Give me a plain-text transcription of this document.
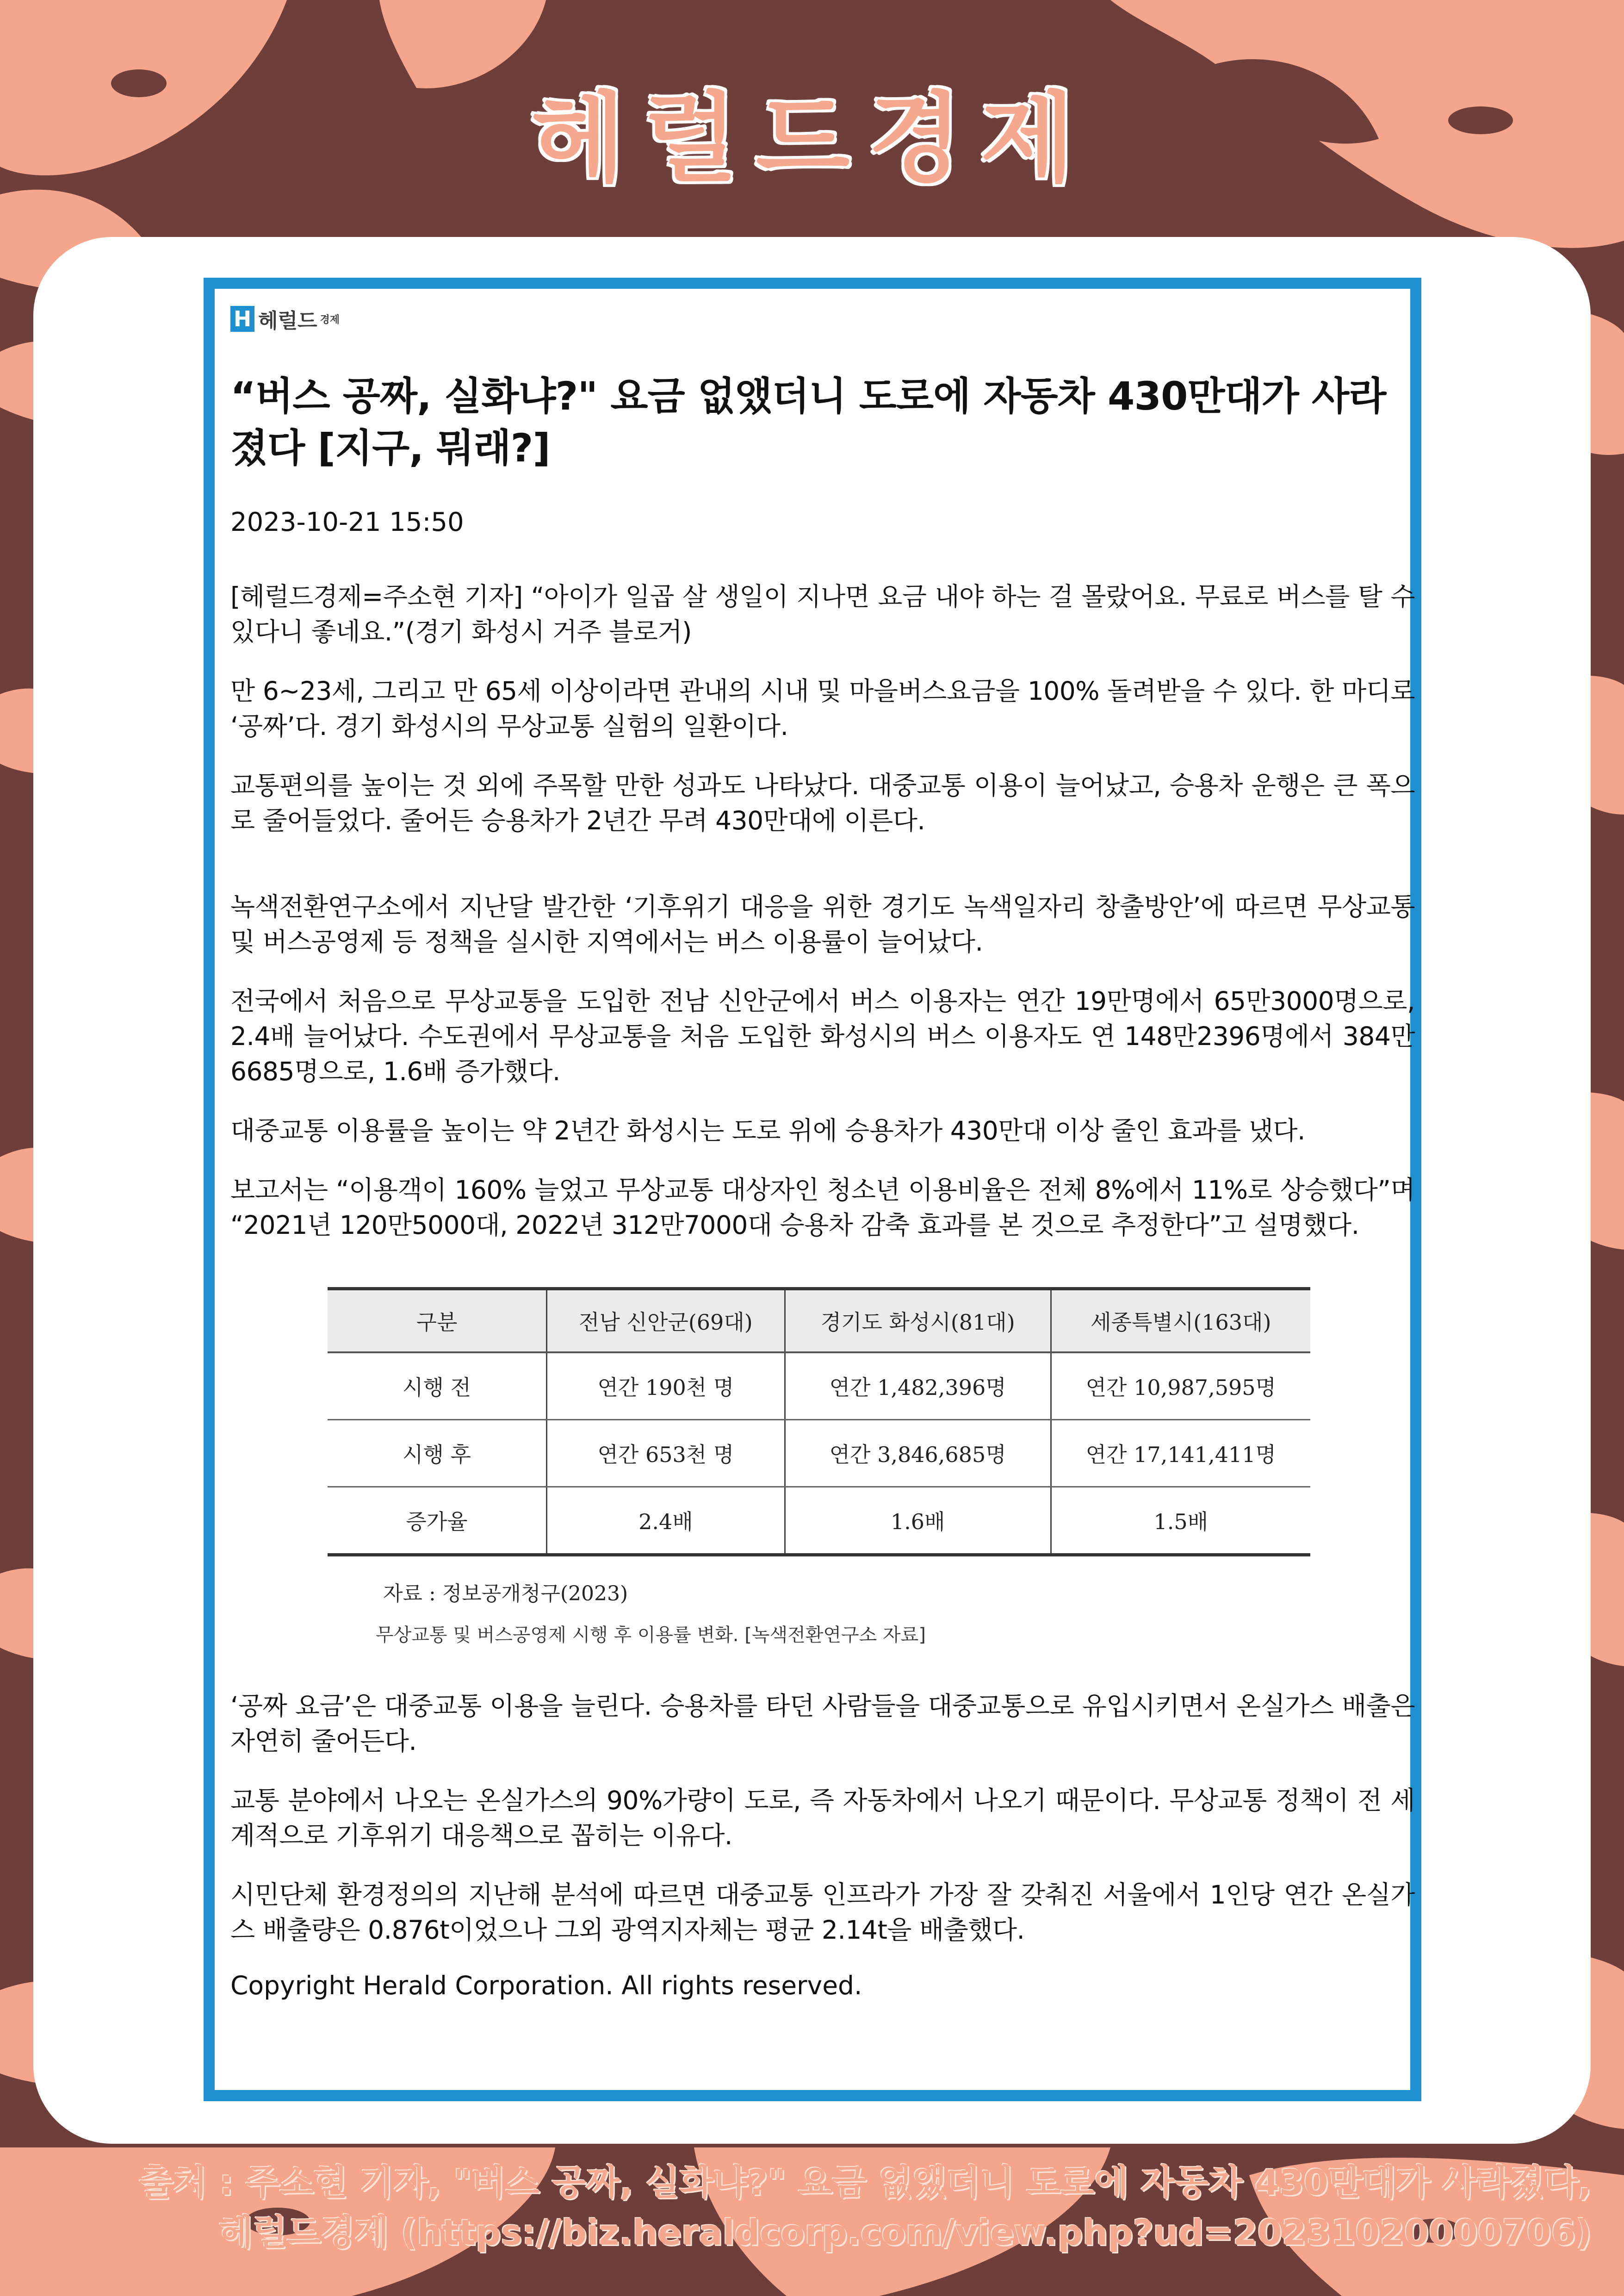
헤럴드경제
H 헤럴드 경제
“버스 공짜, 실화냐?" 요금 없앴더니 도로에 자동차 430만대가 사라졌다 [지구, 뭐래?]
2023-10-21 15:50
[헤럴드경제=주소현 기자] “아이가 일곱 살 생일이 지나면 요금 내야 하는 걸 몰랐어요. 무료로 버스를 탈 수 있다니 좋네요.”(경기 화성시 거주 블로거)
만 6~23세, 그리고 만 65세 이상이라면 관내의 시내 및 마을버스요금을 100% 돌려받을 수 있다. 한 마디로 ‘공짜’다. 경기 화성시의 무상교통 실험의 일환이다.
교통편의를 높이는 것 외에 주목할 만한 성과도 나타났다. 대중교통 이용이 늘어났고, 승용차 운행은 큰 폭으로 줄어들었다. 줄어든 승용차가 2년간 무려 430만대에 이른다.
녹색전환연구소에서 지난달 발간한 ‘기후위기 대응을 위한 경기도 녹색일자리 창출방안’에 따르면 무상교통 및 버스공영제 등 정책을 실시한 지역에서는 버스 이용률이 늘어났다.
전국에서 처음으로 무상교통을 도입한 전남 신안군에서 버스 이용자는 연간 19만명에서 65만3000명으로, 2.4배 늘어났다. 수도권에서 무상교통을 처음 도입한 화성시의 버스 이용자도 연 148만2396명에서 384만6685명으로, 1.6배 증가했다.
대중교통 이용률을 높이는 약 2년간 화성시는 도로 위에 승용차가 430만대 이상 줄인 효과를 냈다.
보고서는 “이용객이 160% 늘었고 무상교통 대상자인 청소년 이용비율은 전체 8%에서 11%로 상승했다”며 “2021년 120만5000대, 2022년 312만7000대 승용차 감축 효과를 본 것으로 추정한다”고 설명했다.
구분	전남 신안군(69대)	경기도 화성시(81대)	세종특별시(163대)
시행 전	연간 190천 명	연간 1,482,396명	연간 10,987,595명
시행 후	연간 653천 명	연간 3,846,685명	연간 17,141,411명
증가율	2.4배	1.6배	1.5배
자료 : 정보공개청구(2023)
무상교통 및 버스공영제 시행 후 이용률 변화. [녹색전환연구소 자료]
‘공짜 요금’은 대중교통 이용을 늘린다. 승용차를 타던 사람들을 대중교통으로 유입시키면서 온실가스 배출은 자연히 줄어든다.
교통 분야에서 나오는 온실가스의 90%가량이 도로, 즉 자동차에서 나오기 때문이다. 무상교통 정책이 전 세계적으로 기후위기 대응책으로 꼽히는 이유다.
시민단체 환경정의의 지난해 분석에 따르면 대중교통 인프라가 가장 잘 갖춰진 서울에서 1인당 연간 온실가스 배출량은 0.876t이었으나 그외 광역지자체는 평균 2.14t을 배출했다.
Copyright Herald Corporation. All rights reserved.
출처 : 주소현 기자, "버스 공짜, 실화냐?" 요금 없앴더니 도로에 자동차 430만대가 사라졌다,
헤럴드경제 (https://biz.heraldcorp.com/view.php?ud=20231020000706)
